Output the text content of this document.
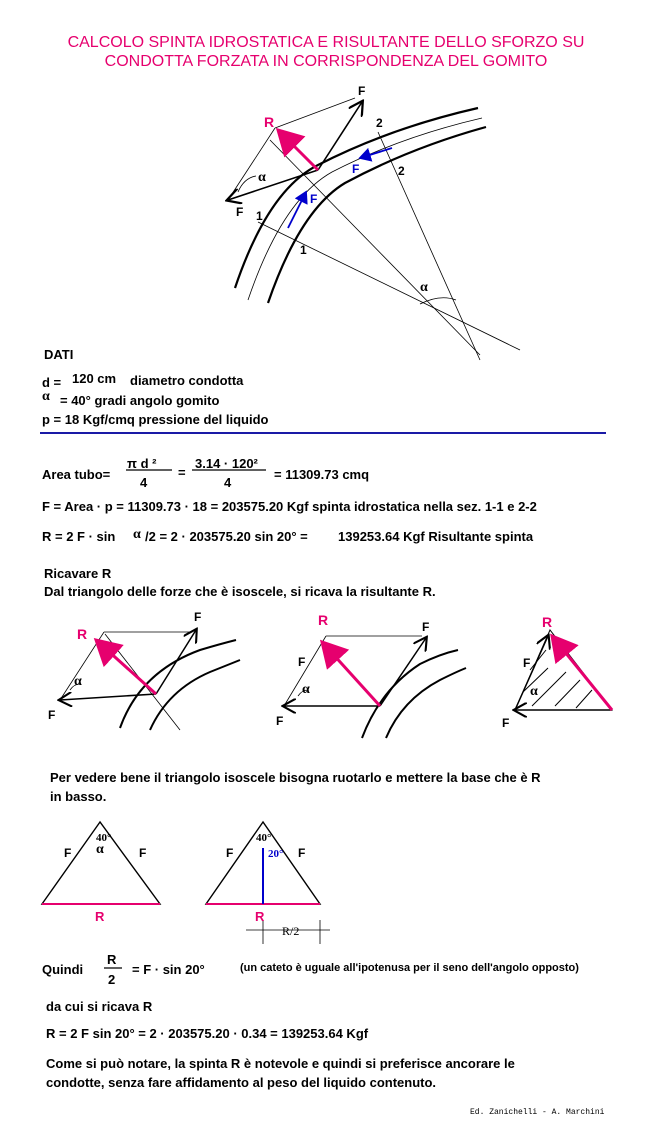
CALCOLO SPINTA IDROSTATICA E RISULTANTE DELLO SFORZO SU
CONDOTTA FORZATA IN CORRISPONDENZA DEL GOMITO
R
F
F
F
F
1
1
2
2
α
α
DATI
d = 120 cm diametro condotta
α = 40° gradi angolo gomito
p = 18 Kgf/cmq pressione del liquido
Area tubo=
π d ²
4
=
3.14 · 120²
4
= 11309.73 cmq
F = Area · p = 11309.73 · 18 = 203575.20 Kgf spinta idrostatica nella sez. 1-1 e 2-2
R = 2 F · sin α /2 = 2 · 203575.20 sin 20° = 139253.64 Kgf Risultante spinta
Ricavare R
Dal triangolo delle forze che è isoscele, si ricava la risultante R.
R
F
F
α
R	F
F
F
α
R
F
F
α
Per vedere bene il triangolo isoscele bisogna ruotarlo e mettere la base che è R
in basso.
40°
α
F	F
R
40°
20°
F	F
R
R/2
Quindi
R
2
= F · sin 20°	(un cateto è uguale all'ipotenusa per il seno dell'angolo opposto)
da cui si ricava R
R = 2 F sin 20° = 2 · 203575.20 · 0.34 = 139253.64 Kgf
Come si può notare, la spinta R è notevole e quindi si preferisce ancorare le
condotte, senza fare affidamento al peso del liquido contenuto.
Ed. Zanichelli - A. Marchini
